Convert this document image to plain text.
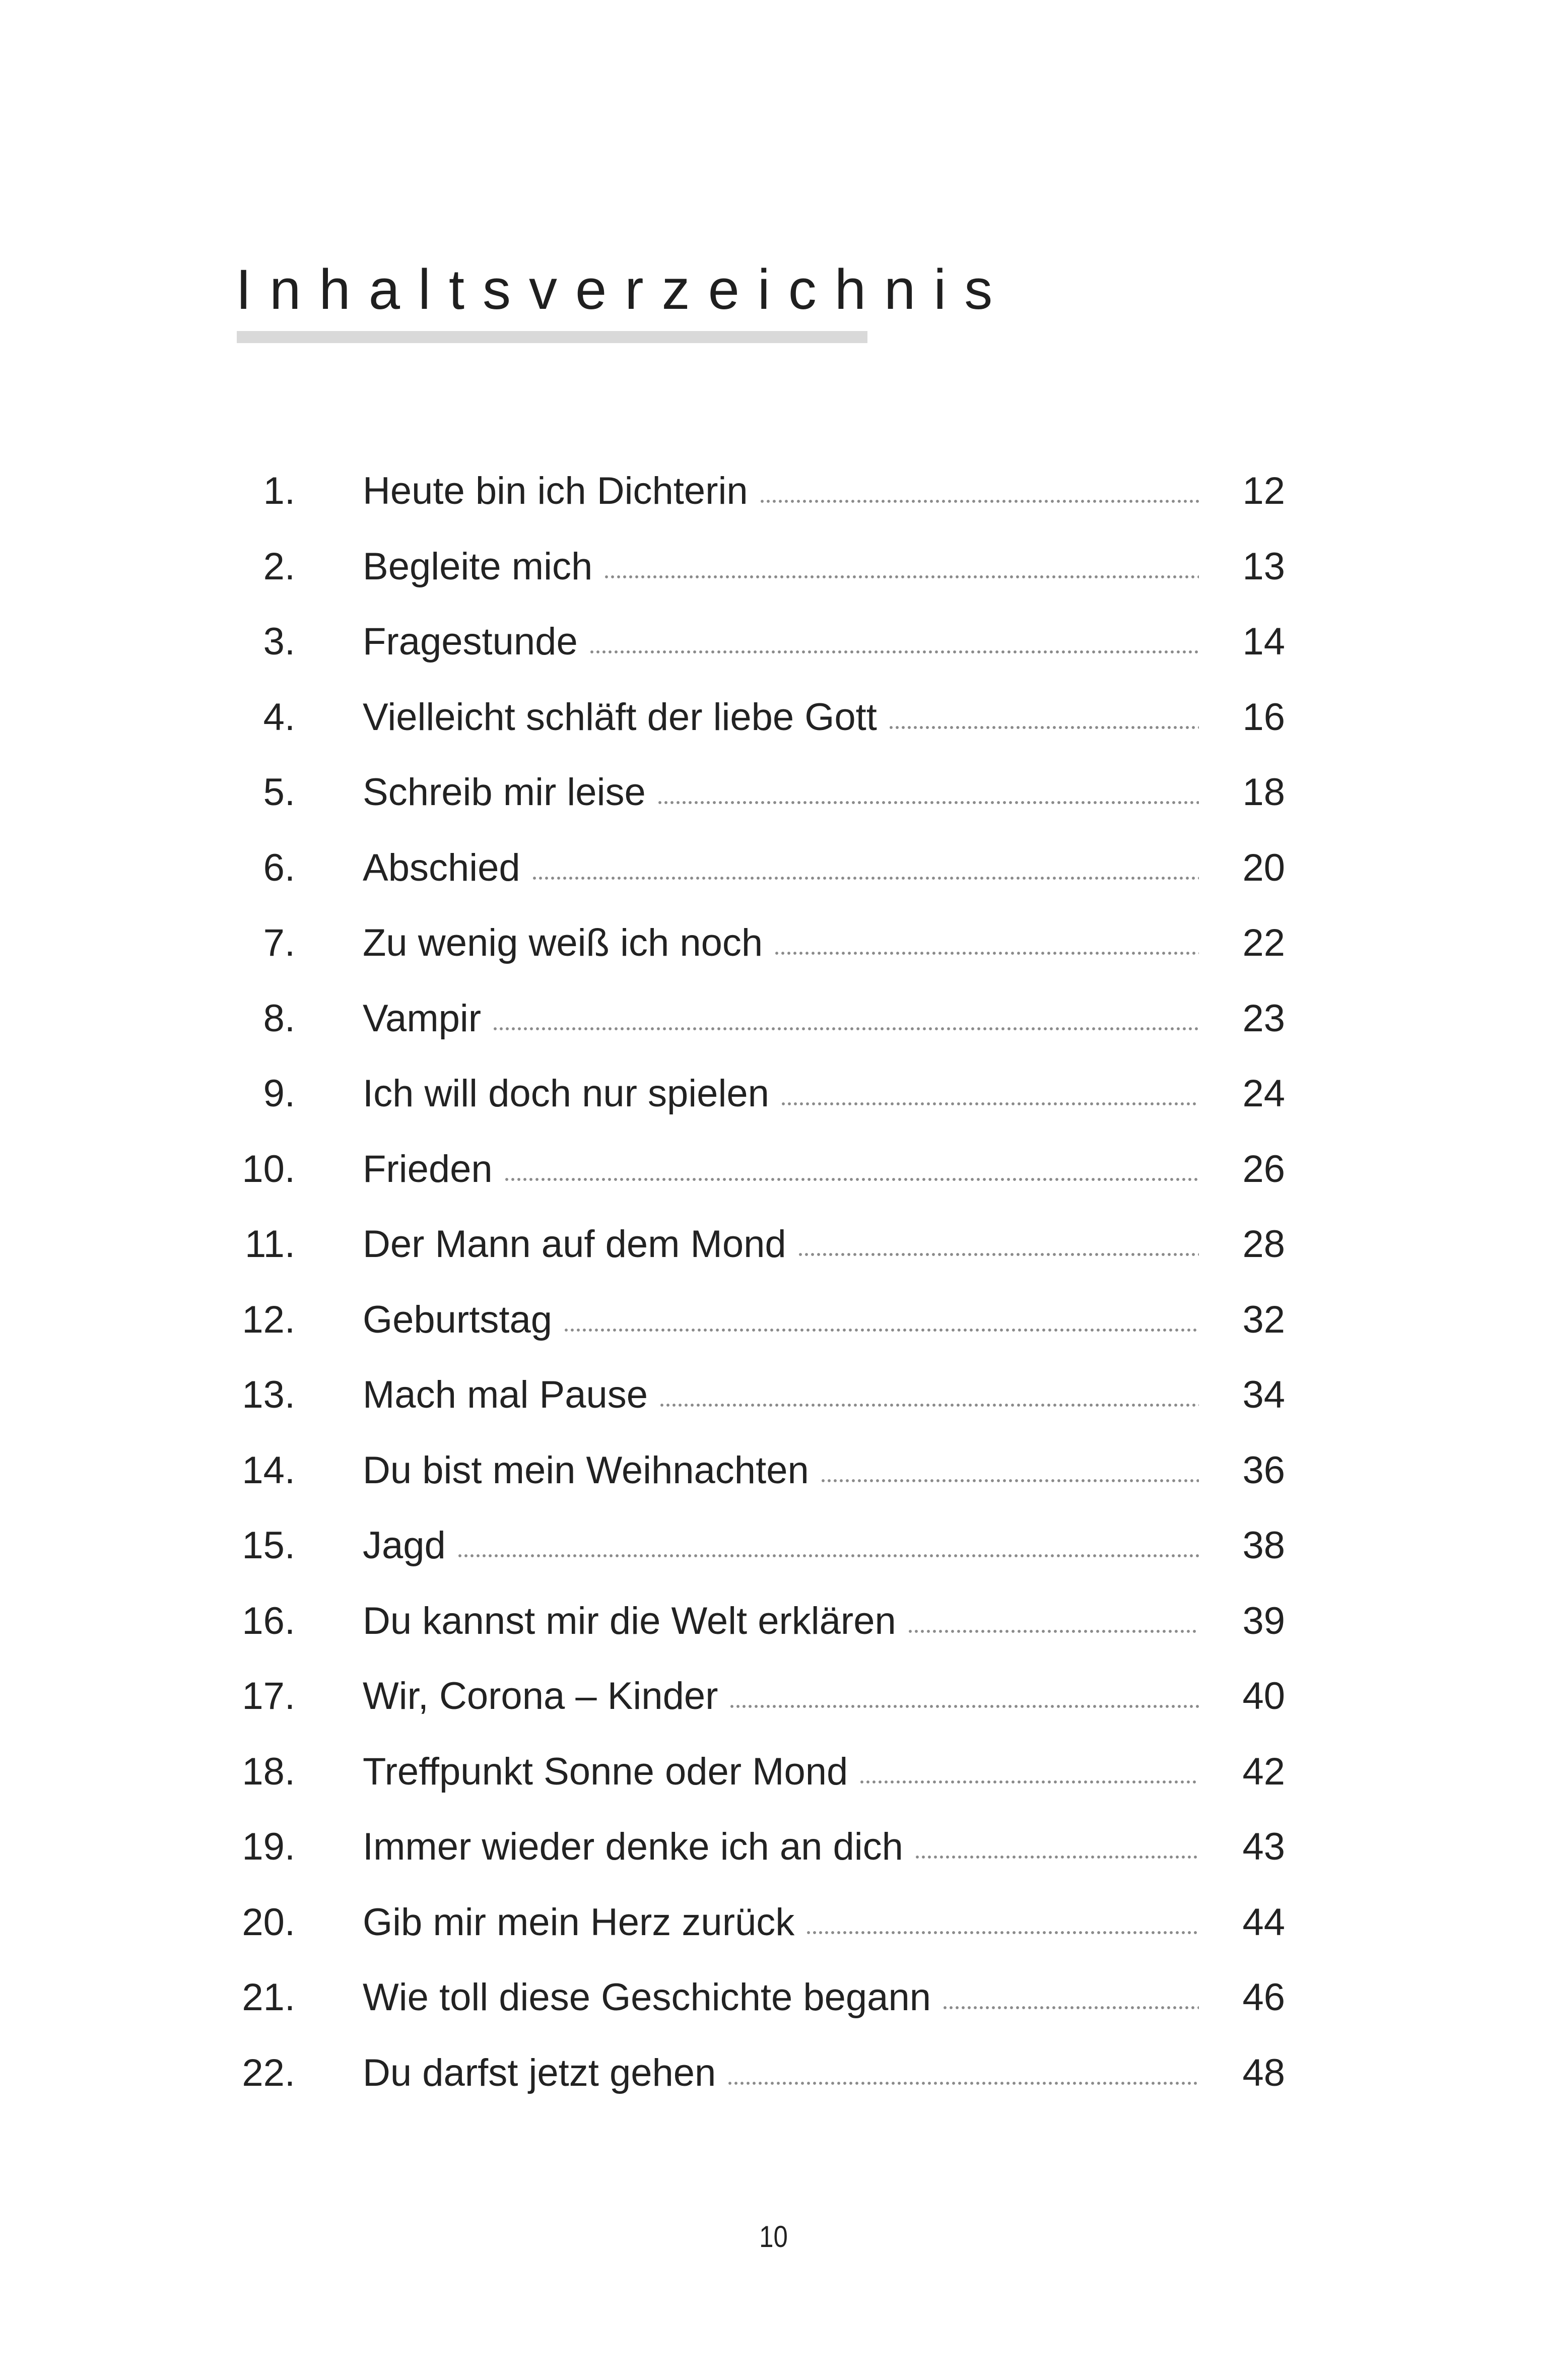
Inhaltsverzeichnis
1. Heute bin ich Dichterin	12
2. Begleite mich	13
3. Fragestunde	14
4. Vielleicht schläft der liebe Gott	16
5. Schreib mir leise	18
6. Abschied	20
7. Zu wenig weiß ich noch	22
8. Vampir	23
9. Ich will doch nur spielen	24
10. Frieden	26
11. Der Mann auf dem Mond	28
12. Geburtstag	32
13. Mach mal Pause	34
14. Du bist mein Weihnachten	36
15. Jagd	38
16. Du kannst mir die Welt erklären	39
17. Wir, Corona – Kinder	40
18. Treffpunkt Sonne oder Mond	42
19. Immer wieder denke ich an dich	43
20. Gib mir mein Herz zurück	44
21. Wie toll diese Geschichte begann	46
22. Du darfst jetzt gehen	48
10
